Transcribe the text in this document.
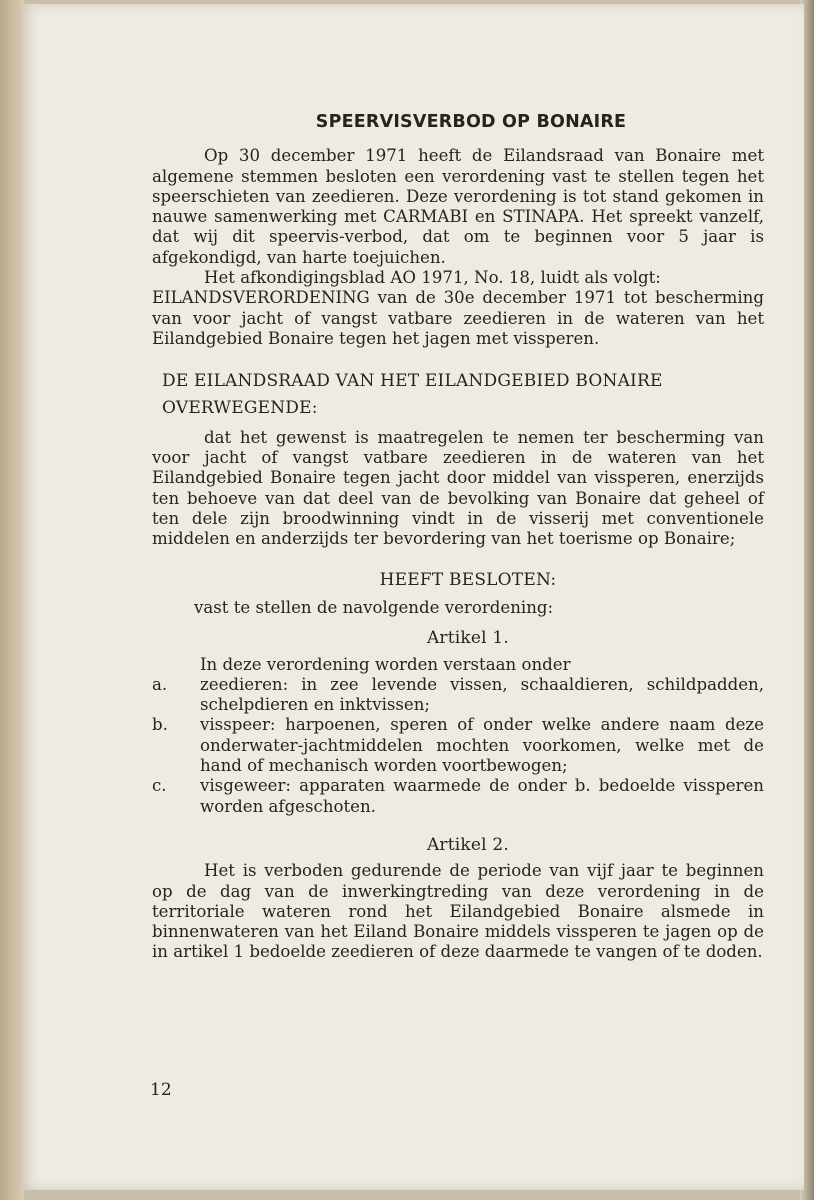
SPEERVISVERBOD OP BONAIRE

Op 30 december 1971 heeft de Eilandsraad van Bonaire met algemene stemmen besloten een verordening vast te stellen tegen het speerschieten van zeedieren. Deze verordening is tot stand gekomen in nauwe samenwerking met CARMABI en STINAPA. Het spreekt vanzelf, dat wij dit speervis-verbod, dat om te beginnen voor 5 jaar is afgekondigd, van harte toejuichen.

Het afkondigingsblad AO 1971, No. 18, luidt als volgt:

EILANDSVERORDENING van de 30e december 1971 tot bescherming van voor jacht of vangst vatbare zeedieren in de wateren van het Eilandgebied Bonaire tegen het jagen met vissperen.

DE EILANDSRAAD VAN HET EILANDGEBIED BONAIRE
OVERWEGENDE:

dat het gewenst is maatregelen te nemen ter bescherming van voor jacht of vangst vatbare zeedieren in de wateren van het Eilandgebied Bonaire tegen jacht door middel van vissperen, enerzijds ten behoeve van dat deel van de bevolking van Bonaire dat geheel of ten dele zijn broodwinning vindt in de visserij met conventionele middelen en anderzijds ter bevordering van het toerisme op Bonaire;

HEEFT BESLOTEN:

vast te stellen de navolgende verordening:

Artikel 1.

In deze verordening worden verstaan onder

a.	zeedieren: in zee levende vissen, schaaldieren, schildpadden, schelpdieren en inktvissen;
b.	visspeer: harpoenen, speren of onder welke andere naam deze onderwater-jachtmiddelen mochten voorkomen, welke met de hand of mechanisch worden voortbewogen;
c.	visgeweer: apparaten waarmede de onder b. bedoelde vissperen worden afgeschoten.
Artikel 2.

Het is verboden gedurende de periode van vijf jaar te beginnen op de dag van de inwerkingtreding van deze verordening in de territoriale wateren rond het Eilandgebied Bonaire alsmede in binnenwateren van het Eiland Bonaire middels vissperen te jagen op de in artikel 1 bedoelde zeedieren of deze daarmede te vangen of te doden.

12
